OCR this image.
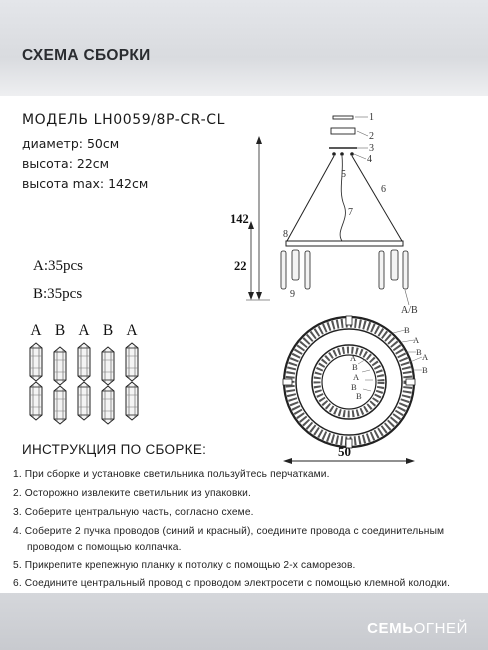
СХЕМА СБОРКИ
МОДЕЛЬ LH0059/8P-CR-CL
диаметр: 50см
высота: 22см
высота max: 142см
A:35pcs
B:35pcs
A B A B A
142
22
1
2
3
4
5
6
7
8
9
A/B
B
A
B A
A
B
B
A
B
B
50
ИНСТРУКЦИЯ ПО СБОРКЕ:
1. При сборке и установке светильника пользуйтесь перчатками.
2. Осторожно извлеките светильник из упаковки.
3. Соберите центральную часть, согласно схеме.
4. Соберите 2 пучка проводов (синий и красный), соедините провода с соединительным
проводом с помощью колпачка.
5. Прикрепите крепежную планку к потолку с помощью 2-х саморезов.
6. Соедините центральный провод с проводом электросети с помощью клемной колодки.
СЕМЬОГНЕЙ
